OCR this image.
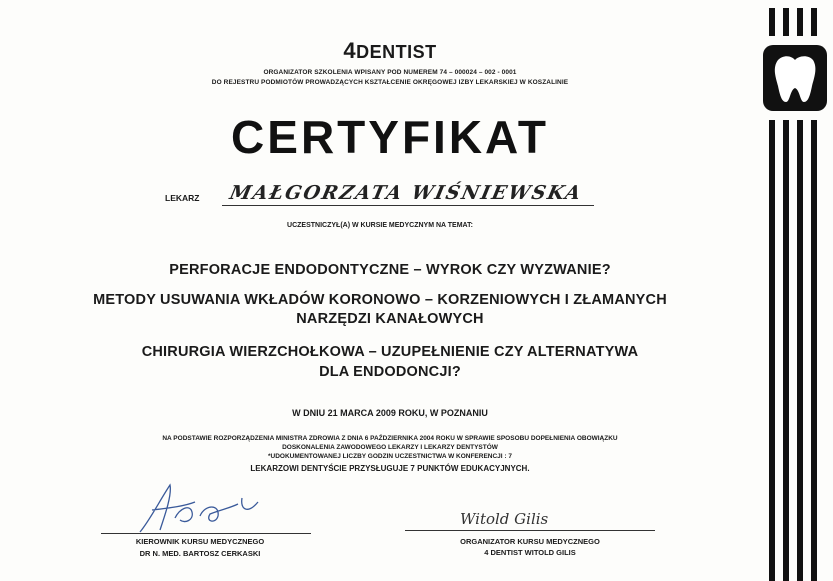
4DENTIST
ORGANIZATOR SZKOLENIA WPISANY POD NUMEREM 74 – 000024 – 002 - 0001
DO REJESTRU PODMIOTÓW PROWADZĄCYCH KSZTAŁCENIE OKRĘGOWEJ IZBY LEKARSKIEJ W KOSZALINIE
CERTYFIKAT
LEKARZ MAŁGORZATA WIŚNIEWSKA
UCZESTNICZYŁ(A) W KURSIE MEDYCZNYM NA TEMAT:
PERFORACJE ENDODONTYCZNE – WYROK CZY WYZWANIE?
METODY USUWANIA WKŁADÓW KORONOWO – KORZENIOWYCH I ZŁAMANYCH
NARZĘDZI KANAŁOWYCH
CHIRURGIA WIERZCHOŁKOWA – UZUPEŁNIENIE CZY ALTERNATYWA
DLA ENDODONCJI?
W DNIU 21 MARCA 2009 ROKU, W POZNANIU
NA PODSTAWIE ROZPORZĄDZENIA MINISTRA ZDROWIA Z DNIA 6 PAŹDZIERNIKA 2004 ROKU W SPRAWIE SPOSOBU DOPEŁNIENIA OBOWIĄZKU
DOSKONALENIA ZAWODOWEGO LEKARZY I LEKARZY DENTYSTÓW
*UDOKUMENTOWANEJ LICZBY GODZIN UCZESTNICTWA W KONFERENCJI : 7
LEKARZOWI DENTYŚCIE PRZYSŁUGUJE 7 PUNKTÓW EDUKACYJNYCH.
Witold Gilis
KIEROWNIK KURSU MEDYCZNEGO
DR N. MED. BARTOSZ CERKASKI
ORGANIZATOR KURSU MEDYCZNEGO
4 DENTIST WITOLD GILIS
